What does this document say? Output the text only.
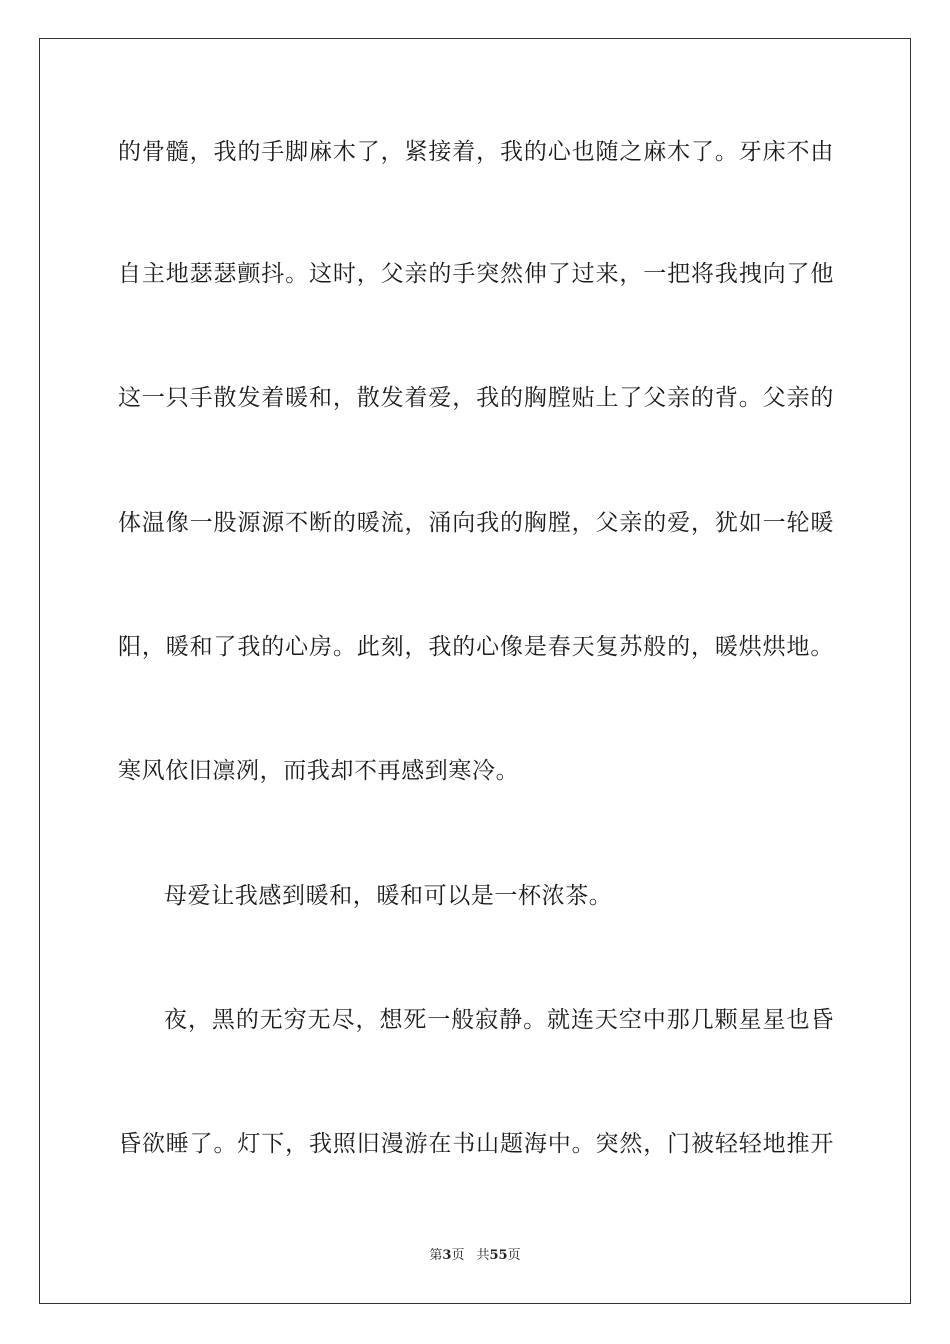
的骨髓，我的手脚麻木了，紧接着，我的心也随之麻木了。牙床不由
自主地瑟瑟颤抖。这时，父亲的手突然伸了过来，一把将我拽向了他
这一只手散发着暖和，散发着爱，我的胸膛贴上了父亲的背。父亲的
体温像一股源源不断的暖流，涌向我的胸膛，父亲的爱，犹如一轮暖
阳，暖和了我的心房。此刻，我的心像是春天复苏般的，暖烘烘地。
寒风依旧凛冽，而我却不再感到寒冷。
母爱让我感到暖和，暖和可以是一杯浓茶。
夜，黑的无穷无尽，想死一般寂静。就连天空中那几颗星星也昏
昏欲睡了。灯下，我照旧漫游在书山题海中。突然，门被轻轻地推开
第3页 共55页
